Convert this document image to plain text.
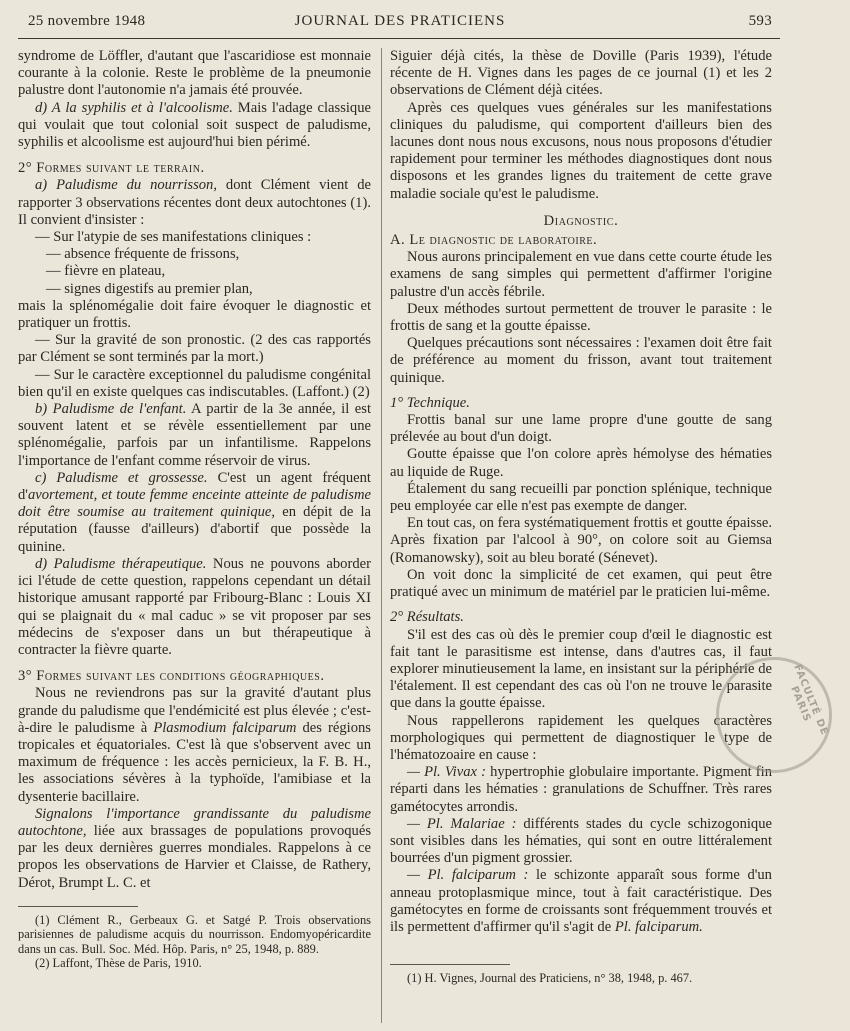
25 novembre 1948	JOURNAL DES PRATICIENS	593

syndrome de Löffler, d'autant que l'ascaridiose est monnaie courante à la colonie. Reste le problème de la pneumonie palustre dont l'autonomie n'a jamais été prouvée.

d) A la syphilis et à l'alcoolisme. Mais l'adage classique qui voulait que tout colonial soit suspect de paludisme, syphilis et alcoolisme est aujourd'hui bien périmé.

2° Formes suivant le terrain.

a) Paludisme du nourrisson, dont Clément vient de rapporter 3 observations récentes dont deux autochtones (1). Il convient d'insister :

— Sur l'atypie de ses manifestations cliniques :

— absence fréquente de frissons,

— fièvre en plateau,

— signes digestifs au premier plan,

mais la splénomégalie doit faire évoquer le diagnostic et pratiquer un frottis.

— Sur la gravité de son pronostic. (2 des cas rapportés par Clément se sont terminés par la mort.)

— Sur le caractère exceptionnel du paludisme congénital bien qu'il en existe quelques cas indiscutables. (Laffont.) (2)

b) Paludisme de l'enfant. A partir de la 3e année, il est souvent latent et se révèle essentiellement par une splénomégalie, parfois par un infantilisme. Rappelons l'importance de l'enfant comme réservoir de virus.

c) Paludisme et grossesse. C'est un agent fréquent d'avortement, et toute femme enceinte atteinte de paludisme doit être soumise au traitement quinique, en dépit de la réputation (fausse d'ailleurs) d'abortif que possède la quinine.

d) Paludisme thérapeutique. Nous ne pouvons aborder ici l'étude de cette question, rappelons cependant un détail historique amusant rapporté par Fribourg-Blanc : Louis XI qui se plaignait du « mal caduc » se vit proposer par ses médecins de s'exposer dans un but thérapeutique à contracter la fièvre quarte.

3° Formes suivant les conditions géographiques.

Nous ne reviendrons pas sur la gravité d'autant plus grande du paludisme que l'endémicité est plus élevée ; c'est-à-dire le paludisme à Plasmodium falciparum des régions tropicales et équatoriales. C'est là que s'observent avec un maximum de fréquence : les accès pernicieux, la F. B. H., les associations sévères à la typhoïde, l'amibiase et la dysenterie bacillaire.

Signalons l'importance grandissante du paludisme autochtone, liée aux brassages de populations provoqués par les deux dernières guerres mondiales. Rappelons à ce propos les observations de Harvier et Claisse, de Rathery, Dérot, Brumpt L. C. et

(1) Clément R., Gerbeaux G. et Satgé P. Trois observations parisiennes de paludisme acquis du nourrisson. Endomyopéricardite dans un cas. Bull. Soc. Méd. Hôp. Paris, n° 25, 1948, p. 889.

(2) Laffont, Thèse de Paris, 1910.

Siguier déjà cités, la thèse de Doville (Paris 1939), l'étude récente de H. Vignes dans les pages de ce journal (1) et les 2 observations de Clément déjà citées.

Après ces quelques vues générales sur les manifestations cliniques du paludisme, qui comportent d'ailleurs bien des lacunes dont nous nous excusons, nous nous proposons d'étudier rapidement pour terminer les méthodes diagnostiques dont nous disposons et les grandes lignes du traitement de cette grave maladie sociale qu'est le paludisme.

Diagnostic.

A. Le diagnostic de laboratoire.

Nous aurons principalement en vue dans cette courte étude les examens de sang simples qui permettent d'affirmer l'origine palustre d'un accès fébrile.

Deux méthodes surtout permettent de trouver le parasite : le frottis de sang et la goutte épaisse.

Quelques précautions sont nécessaires : l'examen doit être fait de préférence au moment du frisson, avant tout traitement quinique.

1° Technique.

Frottis banal sur une lame propre d'une goutte de sang prélevée au bout d'un doigt.

Goutte épaisse que l'on colore après hémolyse des hématies au liquide de Ruge.

Étalement du sang recueilli par ponction splénique, technique peu employée car elle n'est pas exempte de danger.

En tout cas, on fera systématiquement frottis et goutte épaisse. Après fixation par l'alcool à 90°, on colore soit au Giemsa (Romanowsky), soit au bleu boraté (Sénevet).

On voit donc la simplicité de cet examen, qui peut être pratiqué avec un minimum de matériel par le praticien lui-même.

2° Résultats.

S'il est des cas où dès le premier coup d'œil le diagnostic est fait tant le parasitisme est intense, dans d'autres cas, il faut explorer minutieusement la lame, en insistant sur la périphérie de l'étalement. Il est cependant des cas où l'on ne trouve le parasite que dans la goutte épaisse.

Nous rappellerons rapidement les quelques caractères morphologiques qui permettent de diagnostiquer le type de l'hématozoaire en cause :

— Pl. Vivax : hypertrophie globulaire importante. Pigment fin réparti dans les hématies : granulations de Schuffner. Très rares gamétocytes arrondis.

— Pl. Malariae : différents stades du cycle schizogonique sont visibles dans les hématies, qui sont en outre littéralement bourrées d'un pigment grossier.

— Pl. falciparum : le schizonte apparaît sous forme d'un anneau protoplasmique mince, tout à fait caractéristique. Des gamétocytes en forme de croissants sont fréquemment trouvés et ils permettent d'affirmer qu'il s'agit de Pl. falciparum.

(1) H. Vignes, Journal des Praticiens, n° 38, 1948, p. 467.

FACULTÉ DE PARIS
